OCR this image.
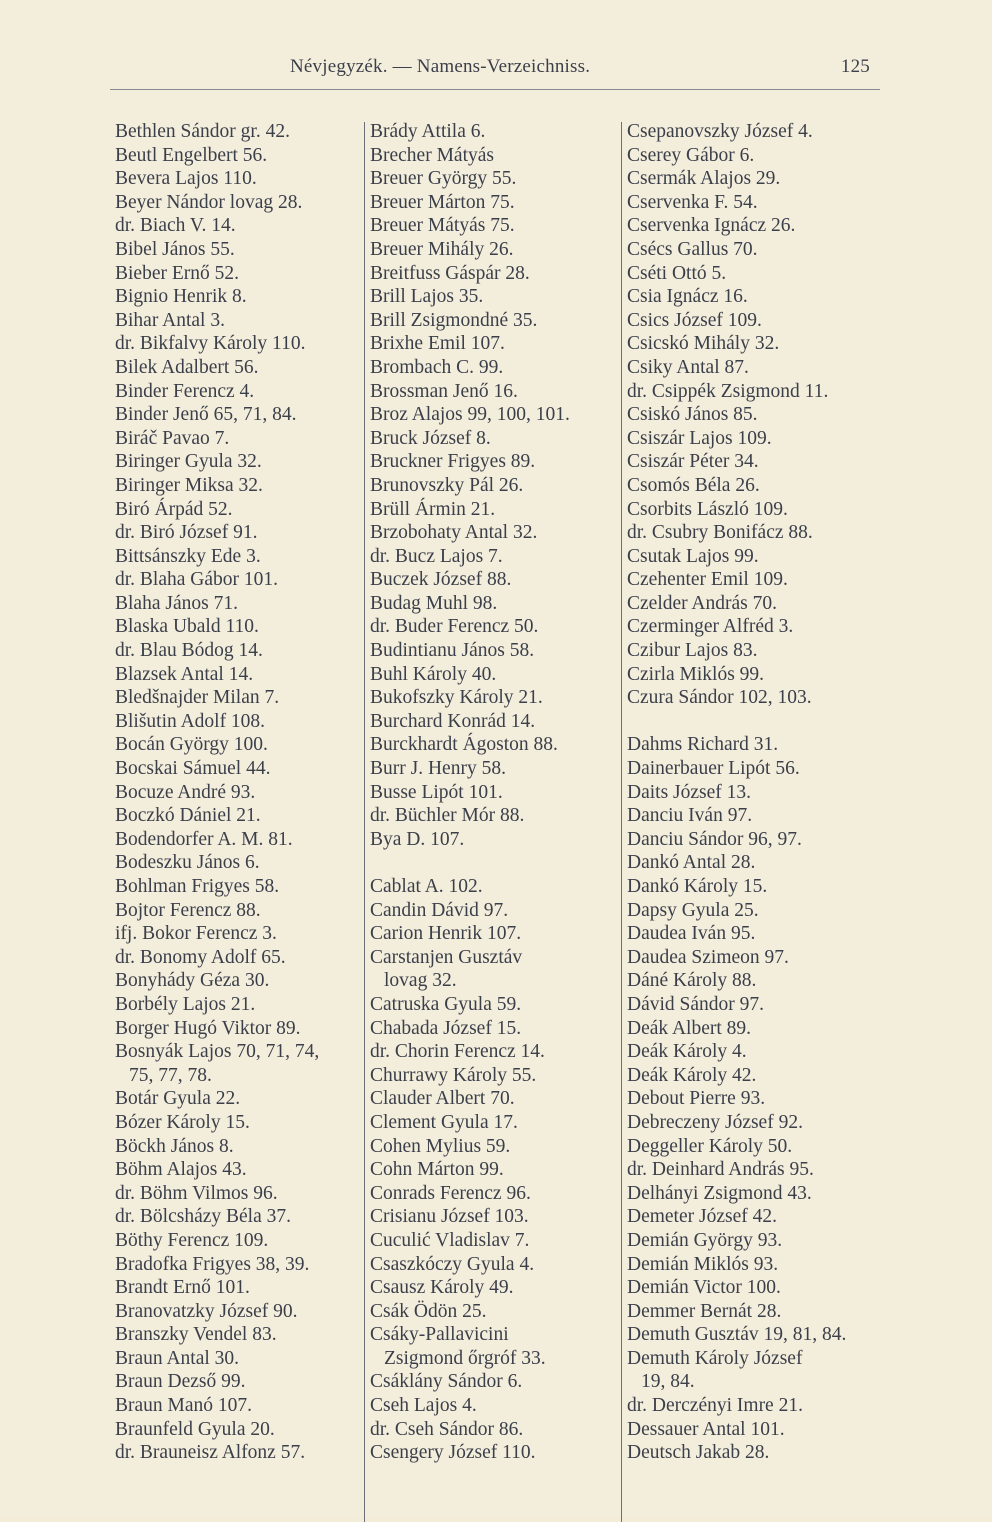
Névjegyzék. — Namens-Verzeichniss.	125
Bethlen Sándor gr. 42.
Beutl Engelbert 56.
Bevera Lajos 110.
Beyer Nándor lovag 28.
dr. Biach V. 14.
Bibel János 55.
Bieber Ernő 52.
Bignio Henrik 8.
Bihar Antal 3.
dr. Bikfalvy Károly 110.
Bilek Adalbert 56.
Binder Ferencz 4.
Binder Jenő 65, 71, 84.
Biráč Pavao 7.
Biringer Gyula 32.
Biringer Miksa 32.
Biró Árpád 52.
dr. Biró József 91.
Bittsánszky Ede 3.
dr. Blaha Gábor 101.
Blaha János 71.
Blaska Ubald 110.
dr. Blau Bódog 14.
Blazsek Antal 14.
Bledšnajder Milan 7.
Blišutin Adolf 108.
Bocán György 100.
Bocskai Sámuel 44.
Bocuze André 93.
Boczkó Dániel 21.
Bodendorfer A. M. 81.
Bodeszku János 6.
Bohlman Frigyes 58.
Bojtor Ferencz 88.
ifj. Bokor Ferencz 3.
dr. Bonomy Adolf 65.
Bonyhády Géza 30.
Borbély Lajos 21.
Borger Hugó Viktor 89.
Bosnyák Lajos 70, 71, 74,
75, 77, 78.
Botár Gyula 22.
Bózer Károly 15.
Böckh János 8.
Böhm Alajos 43.
dr. Böhm Vilmos 96.
dr. Bölcsházy Béla 37.
Böthy Ferencz 109.
Bradofka Frigyes 38, 39.
Brandt Ernő 101.
Branovatzky József 90.
Branszky Vendel 83.
Braun Antal 30.
Braun Dezső 99.
Braun Manó 107.
Braunfeld Gyula 20.
dr. Brauneisz Alfonz 57.
Brády Attila 6.
Brecher Mátyás
Breuer György 55.
Breuer Márton 75.
Breuer Mátyás 75.
Breuer Mihály 26.
Breitfuss Gáspár 28.
Brill Lajos 35.
Brill Zsigmondné 35.
Brixhe Emil 107.
Brombach C. 99.
Brossman Jenő 16.
Broz Alajos 99, 100, 101.
Bruck József 8.
Bruckner Frigyes 89.
Brunovszky Pál 26.
Brüll Ármin 21.
Brzobohaty Antal 32.
dr. Bucz Lajos 7.
Buczek József 88.
Budag Muhl 98.
dr. Buder Ferencz 50.
Budintianu János 58.
Buhl Károly 40.
Bukofszky Károly 21.
Burchard Konrád 14.
Burckhardt Ágoston 88.
Burr J. Henry 58.
Busse Lipót 101.
dr. Büchler Mór 88.
Bya D. 107.
Cablat A. 102.
Candin Dávid 97.
Carion Henrik 107.
Carstanjen Gusztáv
lovag 32.
Catruska Gyula 59.
Chabada József 15.
dr. Chorin Ferencz 14.
Churrawy Károly 55.
Clauder Albert 70.
Clement Gyula 17.
Cohen Mylius 59.
Cohn Márton 99.
Conrads Ferencz 96.
Crisianu József 103.
Cuculić Vladislav 7.
Csaszkóczy Gyula 4.
Csausz Károly 49.
Csák Ödön 25.
Csáky-Pallavicini
Zsigmond őrgróf 33.
Csáklány Sándor 6.
Cseh Lajos 4.
dr. Cseh Sándor 86.
Csengery József 110.
Csepanovszky József 4.
Cserey Gábor 6.
Csermák Alajos 29.
Cservenka F. 54.
Cservenka Ignácz 26.
Csécs Gallus 70.
Cséti Ottó 5.
Csia Ignácz 16.
Csics József 109.
Csicskó Mihály 32.
Csiky Antal 87.
dr. Csippék Zsigmond 11.
Csiskó János 85.
Csiszár Lajos 109.
Csiszár Péter 34.
Csomós Béla 26.
Csorbits László 109.
dr. Csubry Bonifácz 88.
Csutak Lajos 99.
Czehenter Emil 109.
Czelder András 70.
Czerminger Alfréd 3.
Czibur Lajos 83.
Czirla Miklós 99.
Czura Sándor 102, 103.
Dahms Richard 31.
Dainerbauer Lipót 56.
Daits József 13.
Danciu Iván 97.
Danciu Sándor 96, 97.
Dankó Antal 28.
Dankó Károly 15.
Dapsy Gyula 25.
Daudea Iván 95.
Daudea Szimeon 97.
Dáné Károly 88.
Dávid Sándor 97.
Deák Albert 89.
Deák Károly 4.
Deák Károly 42.
Debout Pierre 93.
Debreczeny József 92.
Deggeller Károly 50.
dr. Deinhard András 95.
Delhányi Zsigmond 43.
Demeter József 42.
Demián György 93.
Demián Miklós 93.
Demián Victor 100.
Demmer Bernát 28.
Demuth Gusztáv 19, 81, 84.
Demuth Károly József
19, 84.
dr. Derczényi Imre 21.
Dessauer Antal 101.
Deutsch Jakab 28.
